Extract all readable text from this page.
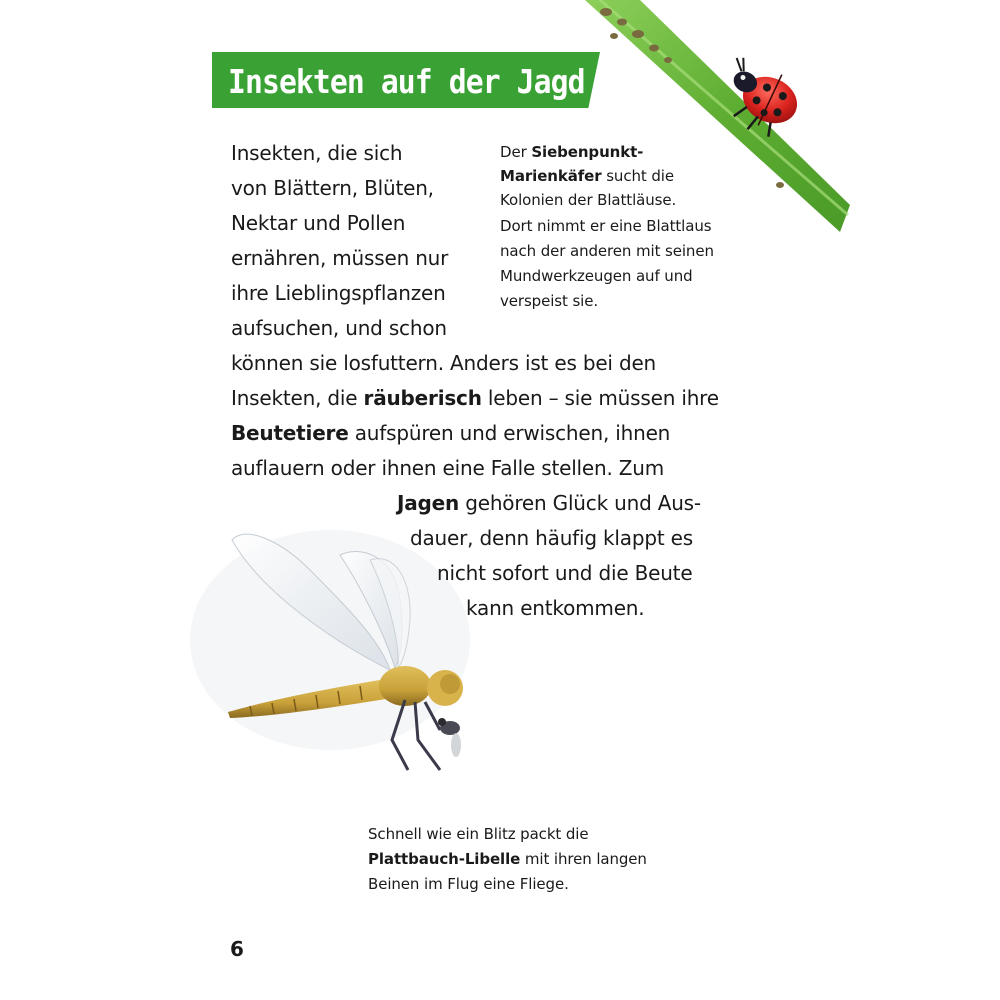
Insekten auf der Jagd
Insekten, die sich
von Blättern, Blüten,
Nektar und Pollen
ernähren, müssen nur
ihre Lieblingspflanzen
aufsuchen, und schon
können sie losfuttern. Anders ist es bei den
Insekten, die räuberisch leben – sie müssen ihre
Beutetiere aufspüren und erwischen, ihnen
auflauern oder ihnen eine Falle stellen. Zum
Jagen gehören Glück und Aus-
dauer, denn häufig klappt es
nicht sofort und die Beute
kann entkommen.
Der Siebenpunkt-
Marienkäfer sucht die
Kolonien der Blattläuse.
Dort nimmt er eine Blattlaus
nach der anderen mit seinen
Mundwerkzeugen auf und
verspeist sie.
Schnell wie ein Blitz packt die
Plattbauch-Libelle mit ihren langen
Beinen im Flug eine Fliege.
6
